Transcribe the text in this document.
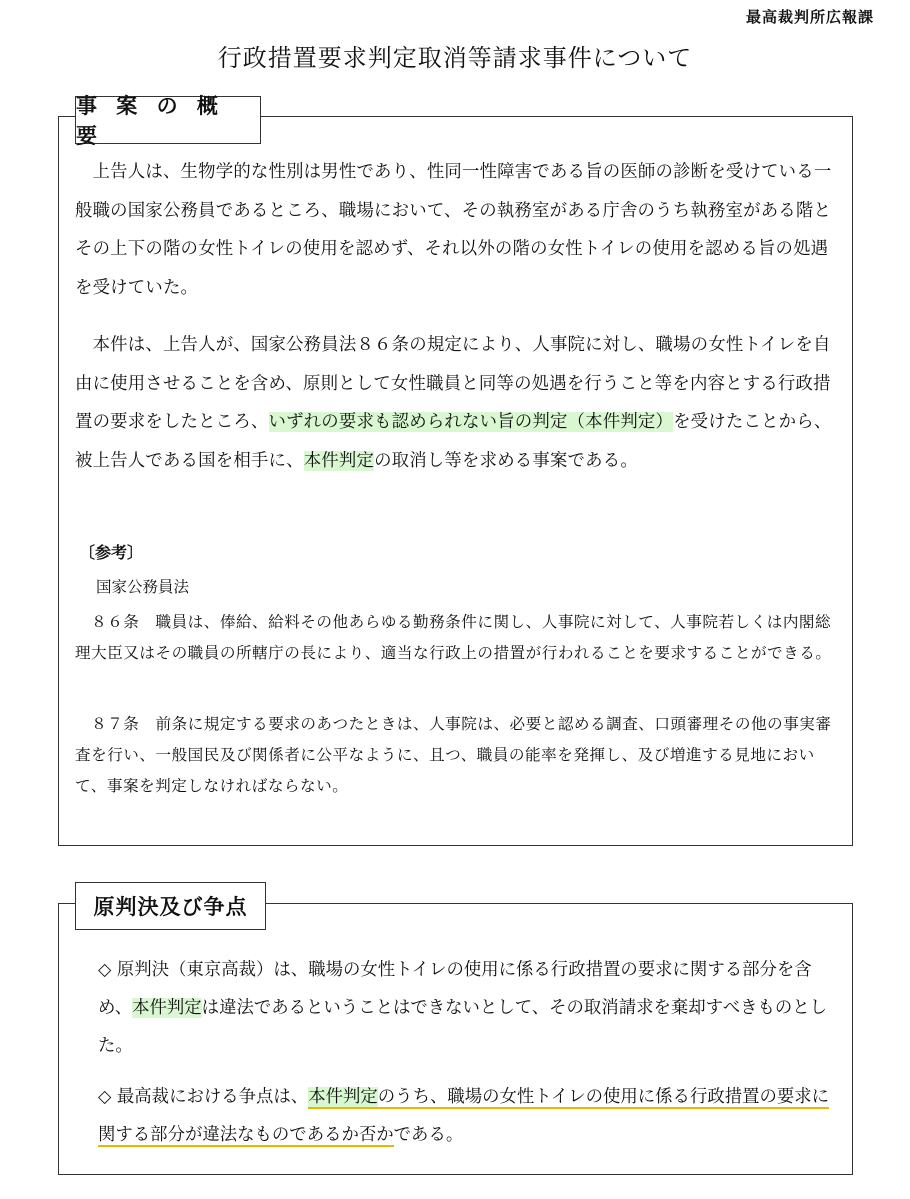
最高裁判所広報課
行政措置要求判定取消等請求事件について
事 案 の 概 要
　上告人は、生物学的な性別は男性であり、性同一性障害である旨の医師の診断を受けている一般職の国家公務員であるところ、職場において、その執務室がある庁舎のうち執務室がある階とその上下の階の女性トイレの使用を認めず、それ以外の階の女性トイレの使用を認める旨の処遇を受けていた。
　本件は、上告人が、国家公務員法８６条の規定により、人事院に対し、職場の女性トイレを自由に使用させることを含め、原則として女性職員と同等の処遇を行うこと等を内容とする行政措置の要求をしたところ、いずれの要求も認められない旨の判定（本件判定）を受けたことから、被上告人である国を相手に、本件判定の取消し等を求める事案である。
〔参考〕
国家公務員法
　８６条　職員は、俸給、給料その他あらゆる勤務条件に関し、人事院に対して、人事院若しくは内閣総理大臣又はその職員の所轄庁の長により、適当な行政上の措置が行われることを要求することができる。
　８７条　前条に規定する要求のあつたときは、人事院は、必要と認める調査、口頭審理その他の事実審査を行い、一般国民及び関係者に公平なように、且つ、職員の能率を発揮し、及び増進する見地において、事案を判定しなければならない。
原判決及び争点
◇ 原判決（東京高裁）は、職場の女性トイレの使用に係る行政措置の要求に関する部分を含め、本件判定は違法であるということはできないとして、その取消請求を棄却すべきものとした。
◇ 最高裁における争点は、本件判定のうち、職場の女性トイレの使用に係る行政措置の要求に関する部分が違法なものであるか否かである。
